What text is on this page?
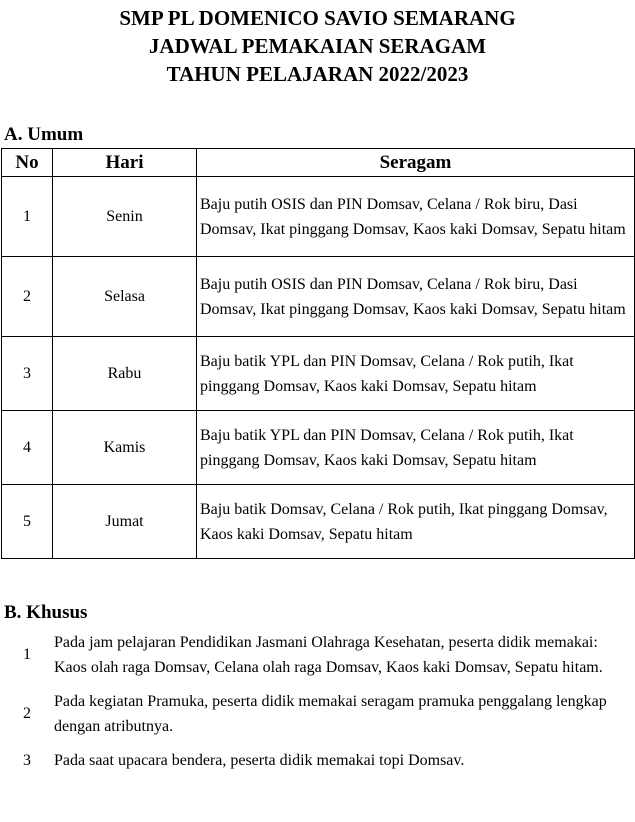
SMP PL DOMENICO SAVIO SEMARANG
JADWAL PEMAKAIAN SERAGAM
TAHUN PELAJARAN 2022/2023
A. Umum
No	Hari	Seragam
1	Senin	Baju putih OSIS dan PIN Domsav, Celana / Rok biru, Dasi Domsav, Ikat pinggang Domsav, Kaos kaki Domsav, Sepatu hitam
2	Selasa	Baju putih OSIS dan PIN Domsav, Celana / Rok biru, Dasi Domsav, Ikat pinggang Domsav, Kaos kaki Domsav, Sepatu hitam
3	Rabu	Baju batik YPL dan PIN Domsav, Celana / Rok putih, Ikat pinggang Domsav, Kaos kaki Domsav, Sepatu hitam
4	Kamis	Baju batik YPL dan PIN Domsav, Celana / Rok putih, Ikat pinggang Domsav, Kaos kaki Domsav, Sepatu hitam
5	Jumat	Baju batik Domsav, Celana / Rok putih, Ikat pinggang Domsav, Kaos kaki Domsav, Sepatu hitam
B. Khusus
1
Pada jam pelajaran Pendidikan Jasmani Olahraga Kesehatan, peserta didik memakai: Kaos olah raga Domsav, Celana olah raga Domsav, Kaos kaki Domsav, Sepatu hitam.
2
Pada kegiatan Pramuka, peserta didik memakai seragam pramuka penggalang lengkap dengan atributnya.
3	Pada saat upacara bendera, peserta didik memakai topi Domsav.
